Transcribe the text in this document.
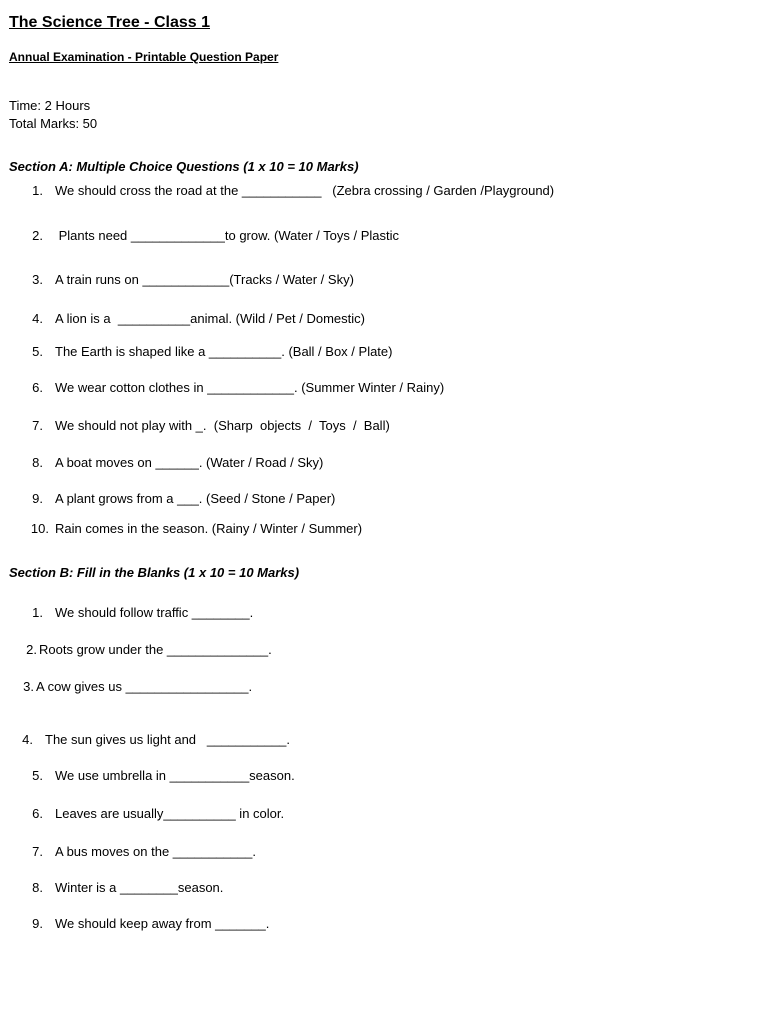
The Science Tree - Class 1
Annual Examination - Printable Question Paper
Time: 2 Hours
Total Marks: 50
Section A: Multiple Choice Questions (1 x 10 = 10 Marks)
1. We should cross the road at the ___________   (Zebra crossing / Garden /Playground)
2. Plants need _____________to grow. (Water / Toys / Plastic
3. A train runs on ____________(Tracks / Water / Sky)
4. A lion is a  __________animal. (Wild / Pet / Domestic)
5. The Earth is shaped like a __________. (Ball / Box / Plate)
6. We wear cotton clothes in ____________. (Summer Winter / Rainy)
7. We should not play with _.  (Sharp  objects  /  Toys  /  Ball)
8. A boat moves on ______. (Water / Road / Sky)
9. A plant grows from a ___. (Seed / Stone / Paper)
10. Rain comes in the season. (Rainy / Winter / Summer)
Section B: Fill in the Blanks (1 x 10 = 10 Marks)
1. We should follow traffic ________.
2. Roots grow under the ______________.
3. A cow gives us _________________.
4. The sun gives us light and   ___________.
5. We use umbrella in ___________season.
6. Leaves are usually__________ in color.
7. A bus moves on the ___________.
8. Winter is a ________season.
9. We should keep away from _______.
